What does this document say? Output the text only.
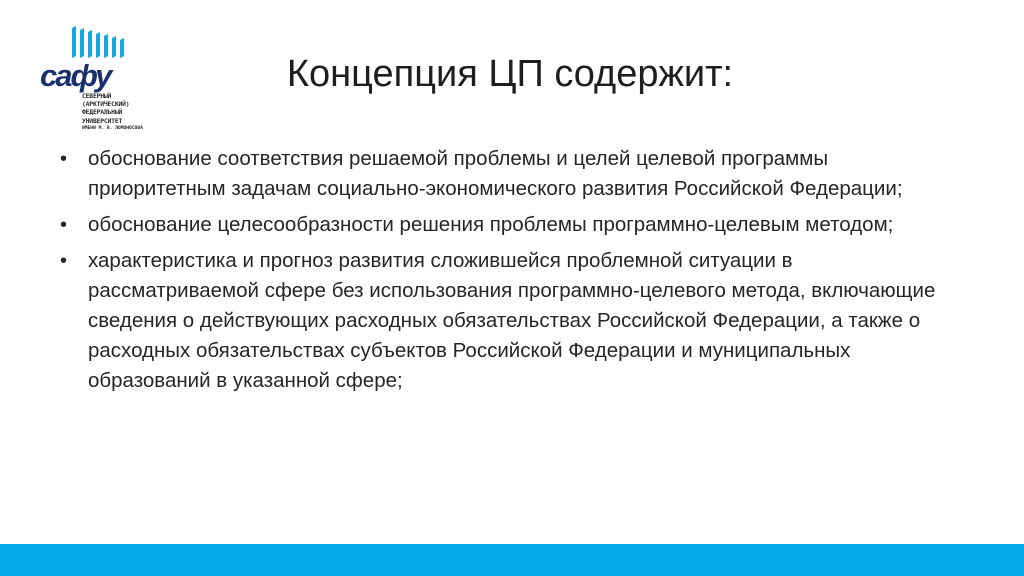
сафу
СЕВЕРНЫЙ
(АРКТИЧЕСКИЙ)
ФЕДЕРАЛЬНЫЙ
УНИВЕРСИТЕТ
ИМЕНИ М. В. ЛОМОНОСОВА
Концепция ЦП содержит:
• обоснование соответствия решаемой проблемы и целей целевой программы приоритетным задачам социально-экономического развития Российской Федерации;
• обоснование целесообразности решения проблемы программно-целевым методом;
• характеристика и прогноз развития сложившейся проблемной ситуации в рассматриваемой сфере без использования программно-целевого метода, включающие сведения о действующих расходных обязательствах Российской Федерации, а также о расходных обязательствах субъектов Российской Федерации и муниципальных образований в указанной сфере;
